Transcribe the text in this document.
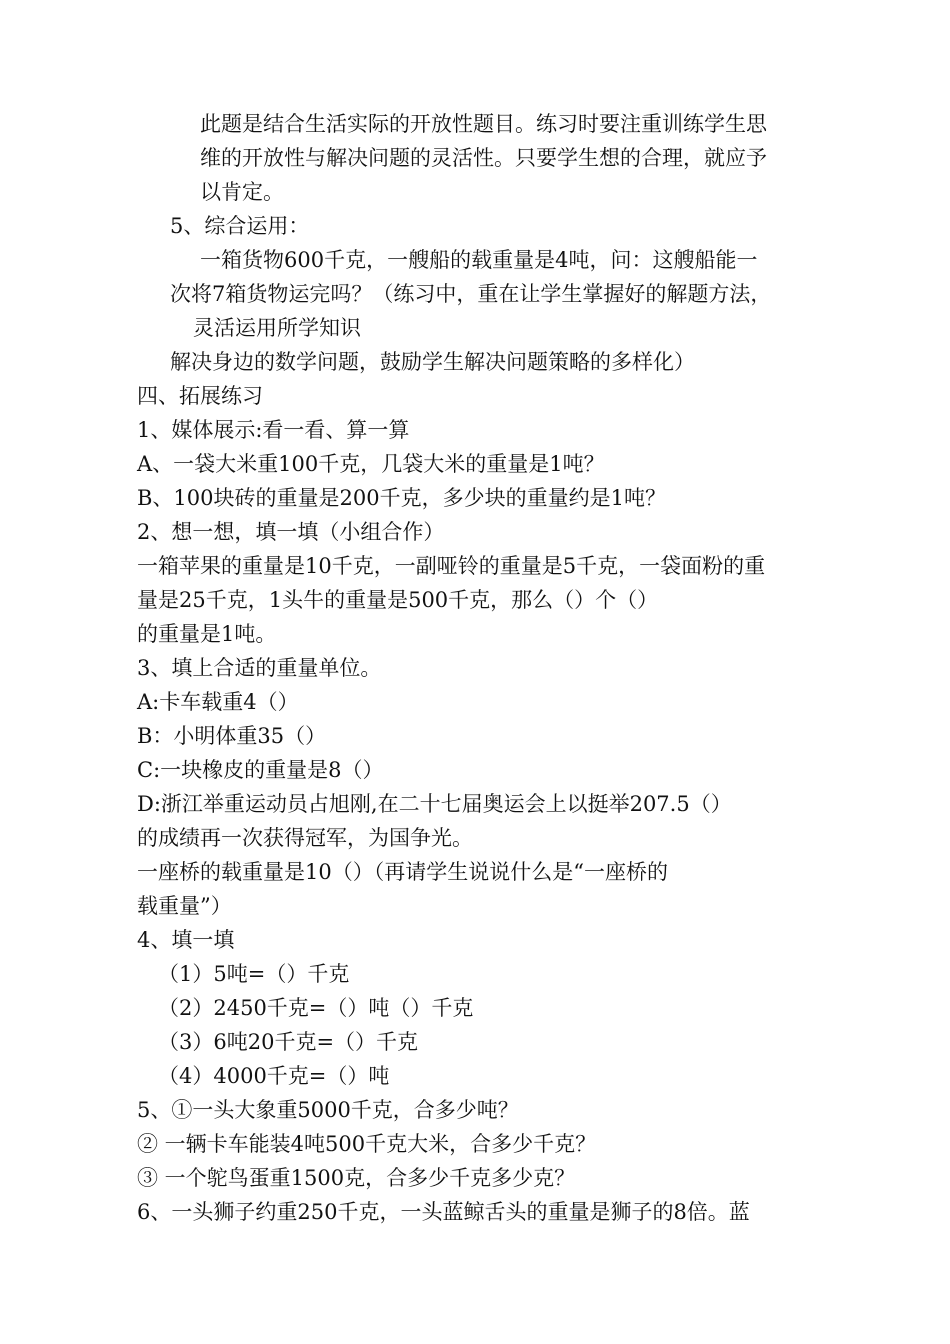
此题是结合生活实际的开放性题目。练习时要注重训练学生思
维的开放性与解决问题的灵活性。只要学生想的合理，就应予
以肯定。
5、综合运用：
一箱货物600千克，一艘船的载重量是4吨，问：这艘船能一
次将7箱货物运完吗？（练习中，重在让学生掌握好的解题方法，
灵活运用所学知识
解决身边的数学问题，鼓励学生解决问题策略的多样化）
四、拓展练习
1、媒体展示:看一看、算一算
A、一袋大米重100千克，几袋大米的重量是1吨？
B、100块砖的重量是200千克，多少块的重量约是1吨？
2、想一想，填一填（小组合作）
一箱苹果的重量是10千克，一副哑铃的重量是5千克，一袋面粉的重
量是25千克，1头牛的重量是500千克，那么（）个（）
的重量是1吨。
3、填上合适的重量单位。
A:卡车载重4（）
B：小明体重35（）
C:一块橡皮的重量是8（）
D:浙江举重运动员占旭刚,在二十七届奥运会上以挺举207.5（）
的成绩再一次获得冠军，为国争光。
一座桥的载重量是10（）（再请学生说说什么是“一座桥的
载重量”）
4、填一填
（1）5吨=（）千克
（2）2450千克=（）吨（）千克
（3）6吨20千克=（）千克
（4）4000千克=（）吨
5、①一头大象重5000千克，合多少吨？
② 一辆卡车能装4吨500千克大米，合多少千克？
③ 一个鸵鸟蛋重1500克，合多少千克多少克？
6、一头狮子约重250千克，一头蓝鲸舌头的重量是狮子的8倍。蓝
